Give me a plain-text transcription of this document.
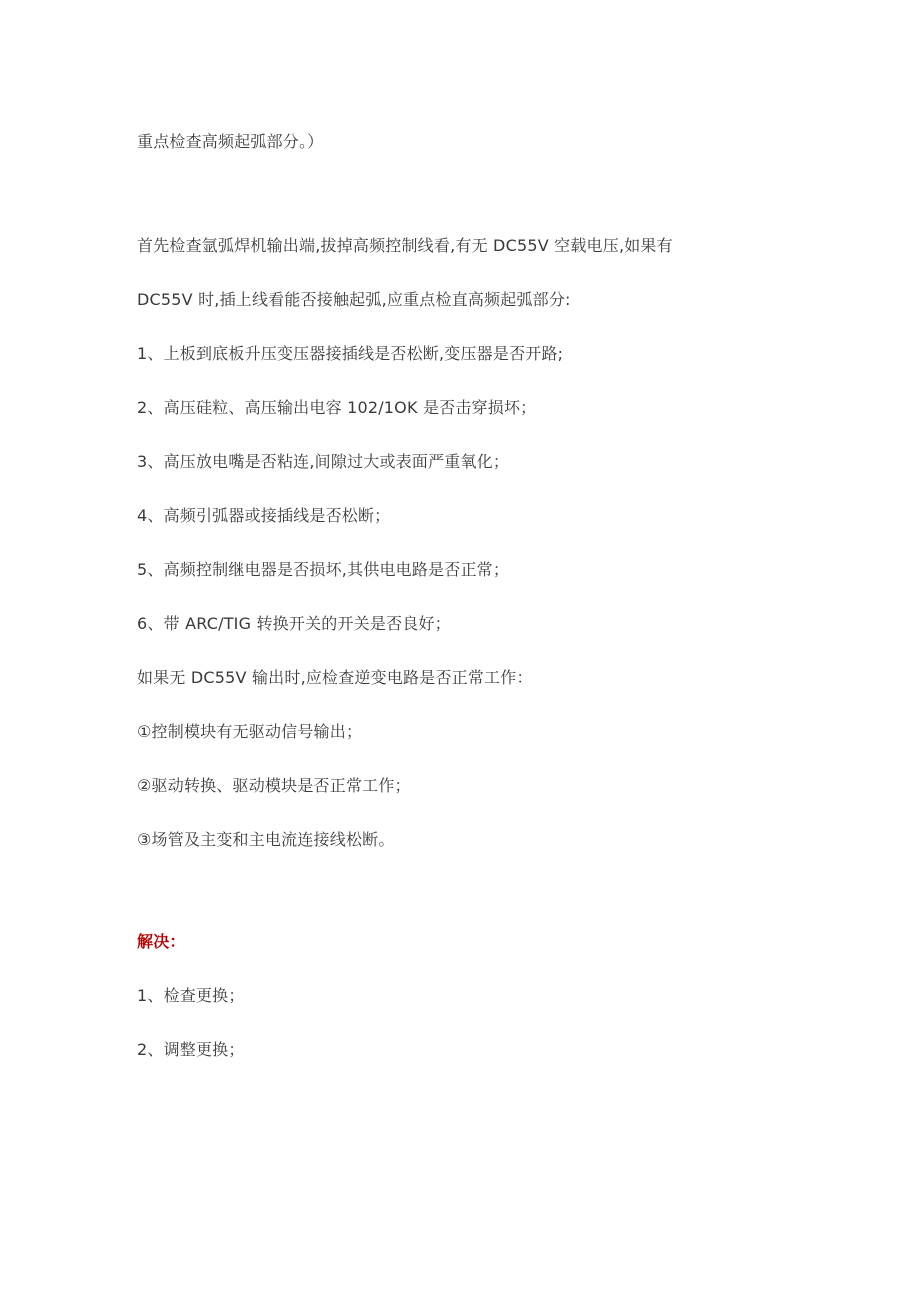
重点检查高频起弧部分。）
首先检查氩弧焊机输出端,拔掉高频控制线看,有无 DC55V 空载电压,如果有
DC55V 时,插上线看能否接触起弧,应重点检直高频起弧部分:
1、上板到底板升压变压器接插线是否松断,变压器是否开路;
2、高压硅粒、高压输出电容 102/1OK 是否击穿损坏；
3、高压放电嘴是否粘连,间隙过大或表面严重氧化；
4、高频引弧器或接插线是否松断；
5、高频控制继电器是否损坏,其供电电路是否正常；
6、带 ARC/TIG 转换开关的开关是否良好；
如果无 DC55V 输出时,应检查逆变电路是否正常工作：
①控制模块有无驱动信号输出；
②驱动转换、驱动模块是否正常工作；
③场管及主变和主电流连接线松断。
解决：
1、检查更换；
2、调整更换；
